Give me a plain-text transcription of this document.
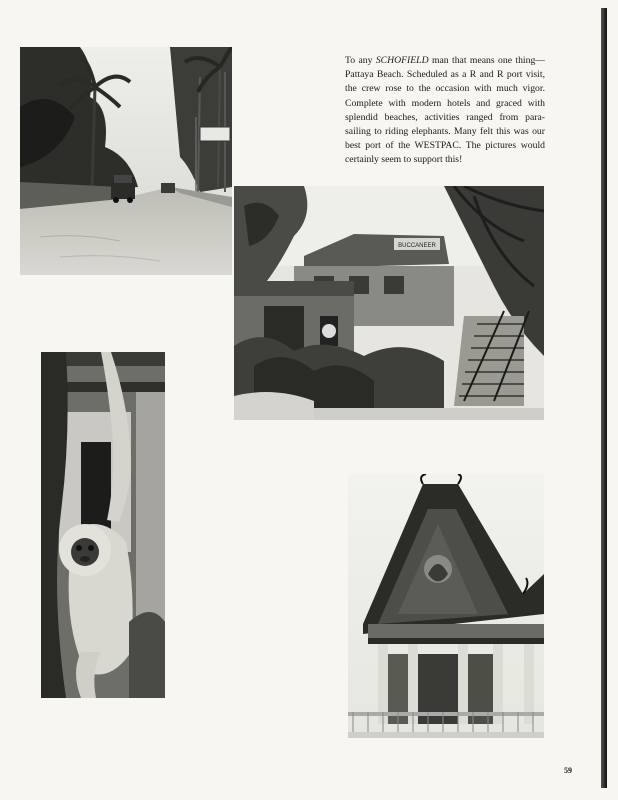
BUCCANEER
To any SCHOFIELD man that means one thing—Pattaya Beach. Scheduled as a R and R port visit, the crew rose to the occasion with much vigor. Complete with modern hotels and graced with splendid beaches, activities ranged from para-sailing to riding elephants. Many felt this was our best port of the WESTPAC. The pictures would certainly seem to support this!
59
